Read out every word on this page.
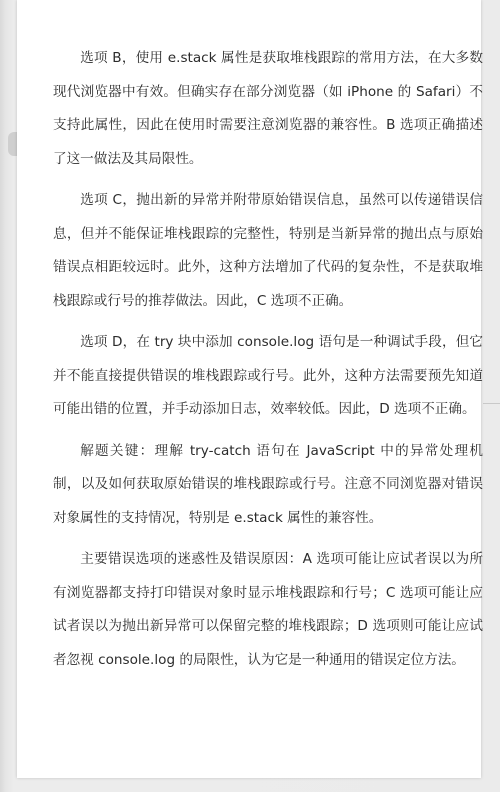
选项 B，使用 e.stack 属性是获取堆栈跟踪的常用方法，在大多数现代浏览器中有效。但确实存在部分浏览器（如 iPhone 的 Safari）不支持此属性，因此在使用时需要注意浏览器的兼容性。B 选项正确描述了这一做法及其局限性。

选项 C，抛出新的异常并附带原始错误信息，虽然可以传递错误信息，但并不能保证堆栈跟踪的完整性，特别是当新异常的抛出点与原始错误点相距较远时。此外，这种方法增加了代码的复杂性，不是获取堆栈跟踪或行号的推荐做法。因此，C 选项不正确。

选项 D，在 try 块中添加 console.log 语句是一种调试手段，但它并不能直接提供错误的堆栈跟踪或行号。此外，这种方法需要预先知道可能出错的位置，并手动添加日志，效率较低。因此，D 选项不正确。

解题关键：理解 try-catch 语句在 JavaScript 中的异常处理机制，以及如何获取原始错误的堆栈跟踪或行号。注意不同浏览器对错误对象属性的支持情况，特别是 e.stack 属性的兼容性。

主要错误选项的迷惑性及错误原因：A 选项可能让应试者误以为所有浏览器都支持打印错误对象时显示堆栈跟踪和行号；C 选项可能让应试者误以为抛出新异常可以保留完整的堆栈跟踪；D 选项则可能让应试者忽视 console.log 的局限性，认为它是一种通用的错误定位方法。
